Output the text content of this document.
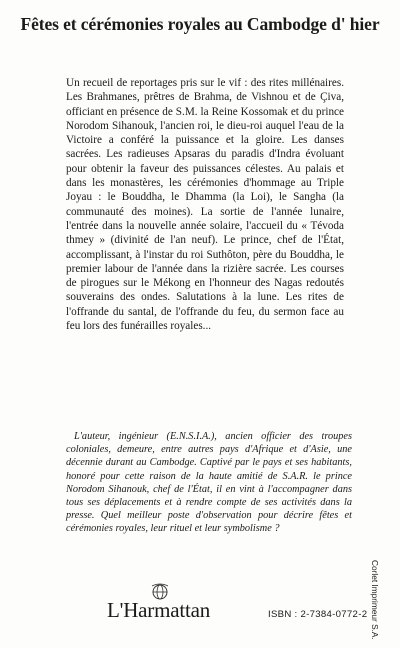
Fêtes et cérémonies royales au Cambodge d' hier

Un recueil de reportages pris sur le vif : des rites millénaires. Les Brahmanes, prêtres de Brahma, de Vishnou et de Çiva, officiant en présence de S.M. la Reine Kossomak et du prince Norodom Sihanouk, l'ancien roi, le dieu-roi auquel l'eau de la Victoire a conféré la puissance et la gloire. Les danses sacrées. Les radieuses Apsaras du paradis d'Indra évoluant pour obtenir la faveur des puissances célestes. Au palais et dans les monastères, les cérémonies d'hommage au Triple Joyau : le Bouddha, le Dhamma (la Loi), le Sangha (la communauté des moines). La sortie de l'année lunaire, l'entrée dans la nouvelle année solaire, l'accueil du « Tévoda thmey » (divinité de l'an neuf). Le prince, chef de l'État, accomplissant, à l'instar du roi Suthôton, père du Bouddha, le premier labour de l'année dans la rizière sacrée. Les courses de pirogues sur le Mékong en l'honneur des Nagas redoutés souverains des ondes. Salutations à la lune. Les rites de l'offrande du santal, de l'offrande du feu, du sermon face au feu lors des funérailles royales...

L'auteur, ingénieur (E.N.S.I.A.), ancien officier des troupes coloniales, demeure, entre autres pays d'Afrique et d'Asie, une décennie durant au Cambodge. Captivé par le pays et ses habitants, honoré pour cette raison de la haute amitié de S.A.R. le prince Norodom Sihanouk, chef de l'État, il en vint à l'accompagner dans tous ses déplacements et à rendre compte de ses activités dans la presse. Quel meilleur poste d'observation pour décrire fêtes et cérémonies royales, leur rituel et leur symbolisme ?

L'Harmattan	ISBN : 2-7384-0772-2 Corlet Imprimeur S.A.
